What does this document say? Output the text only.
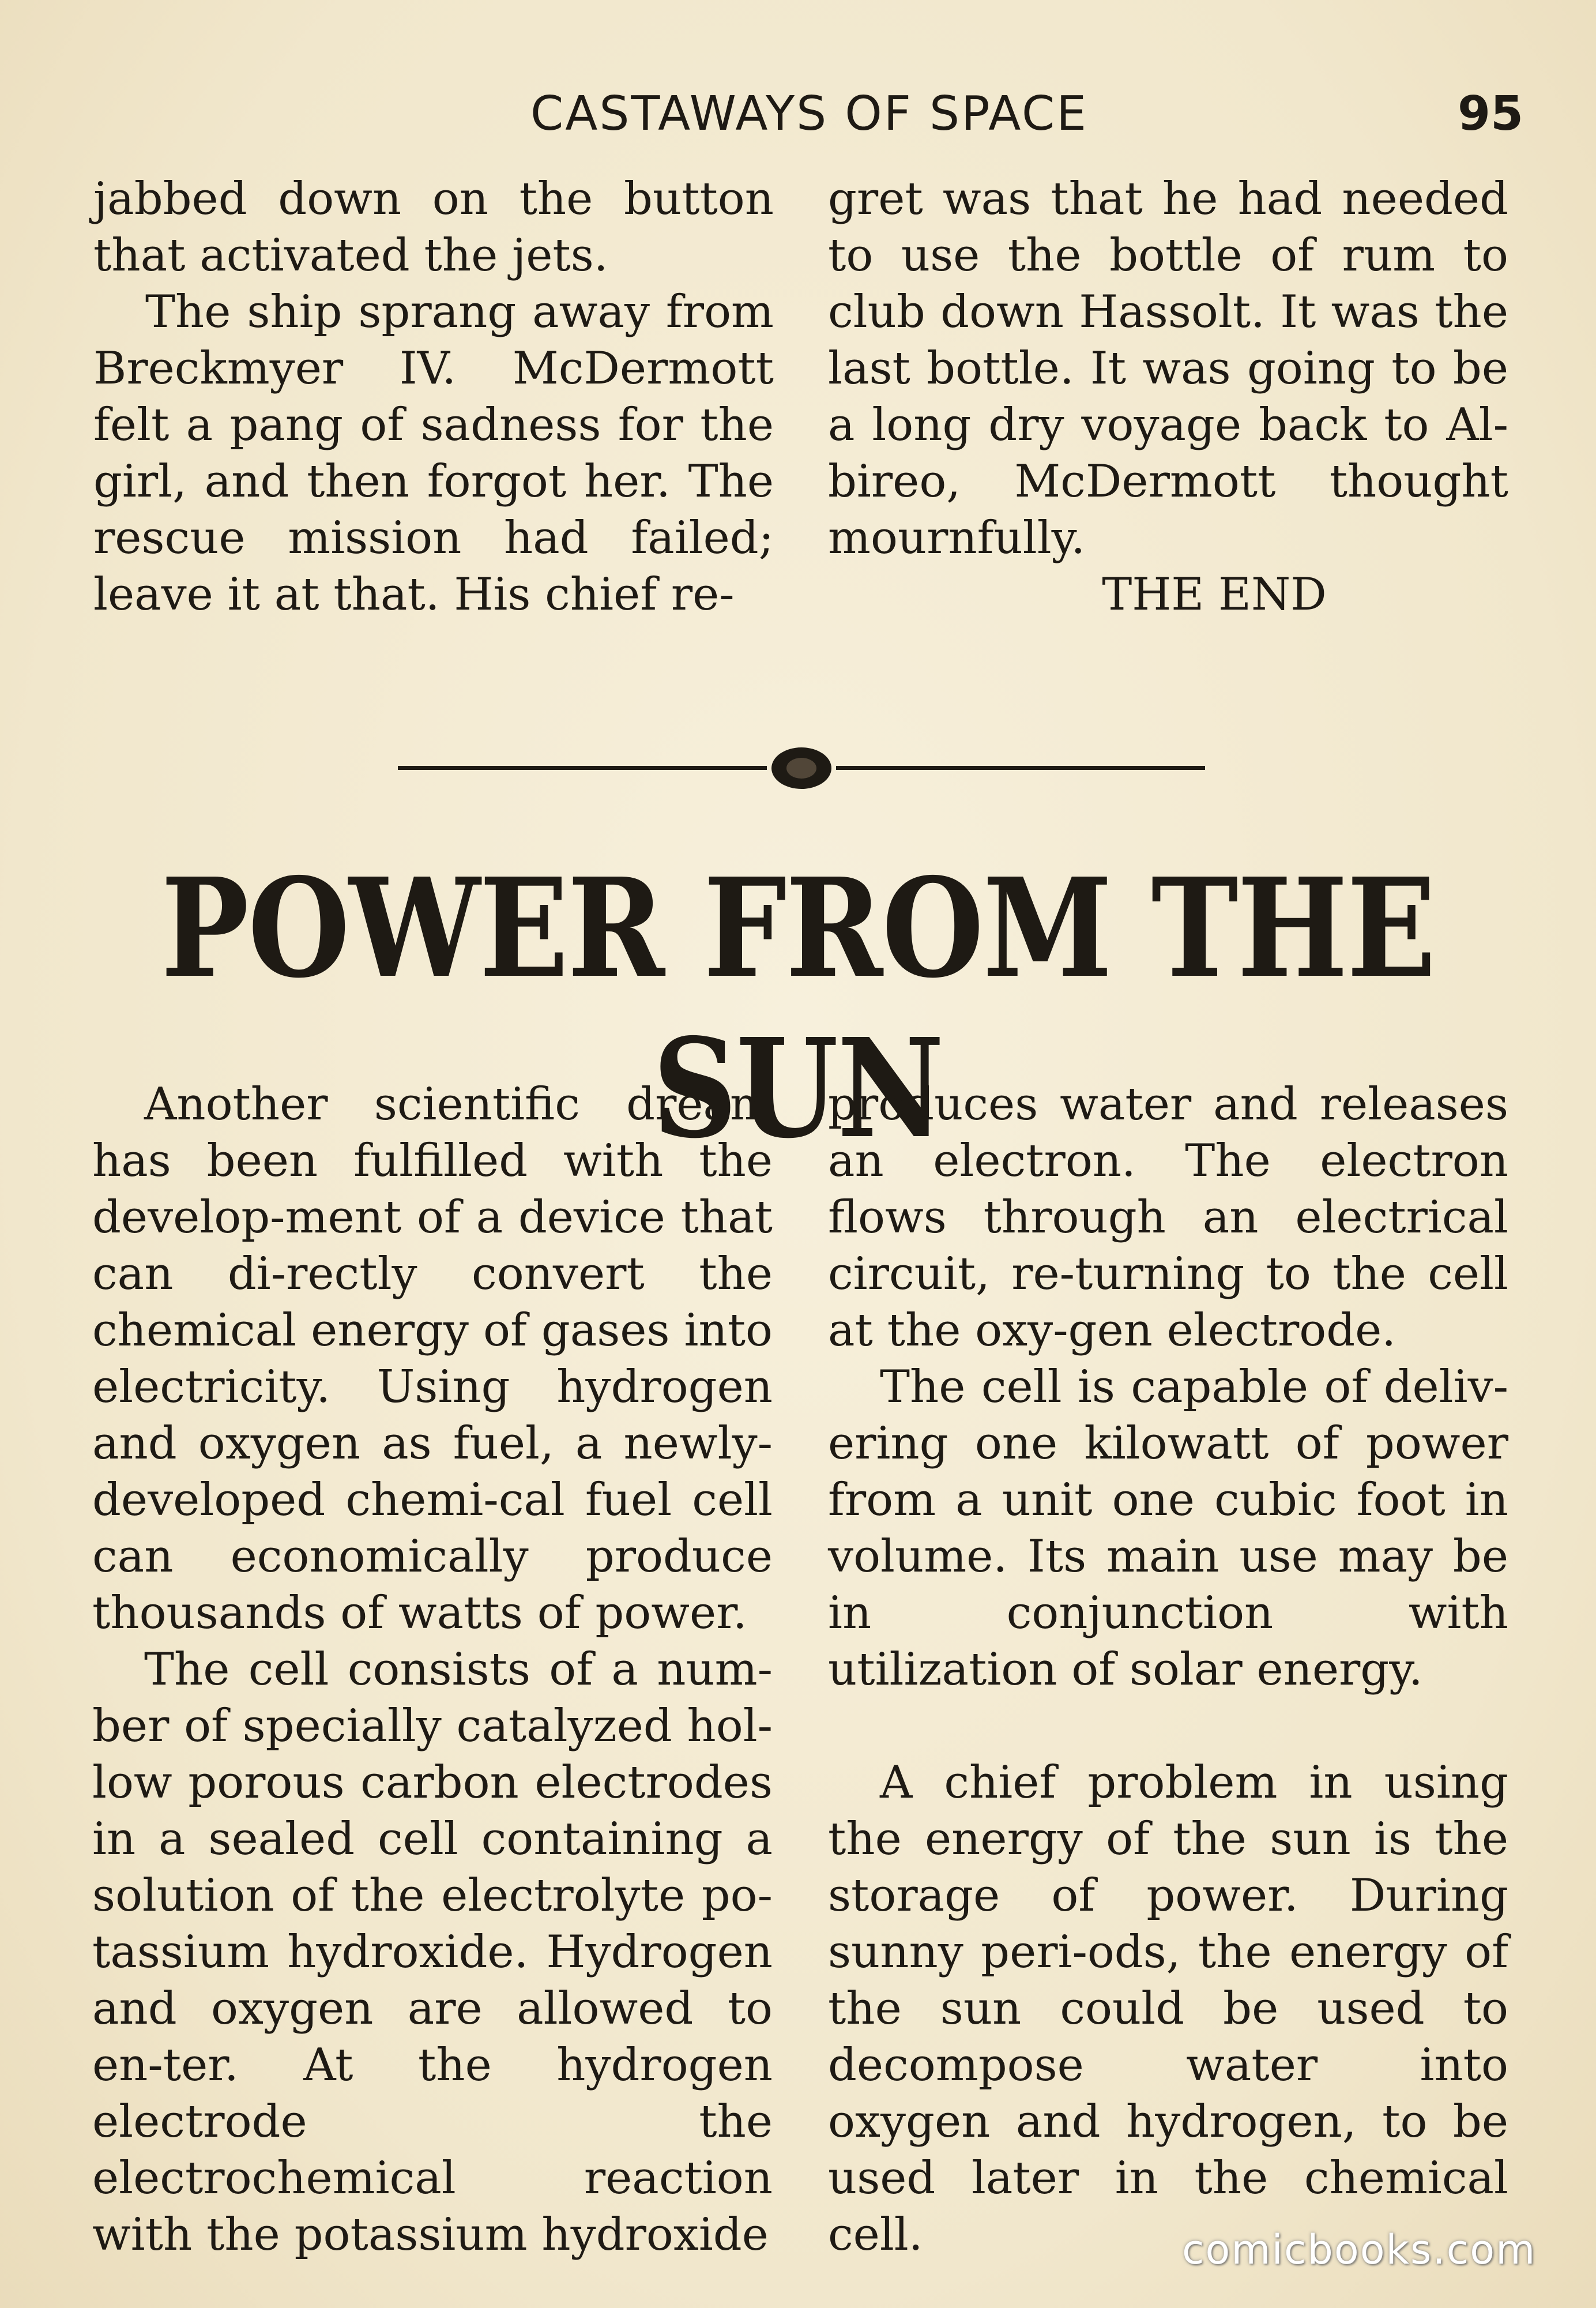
CASTAWAYS OF SPACE	95

jabbed down on the button that activated the jets.

The ship sprang away from Breckmyer IV. McDermott felt a pang of sadness for the girl, and then forgot her. The rescue mission had failed; leave it at that. His chief re-

gret was that he had needed to use the bottle of rum to club down Hassolt. It was the last bottle. It was going to be a long dry voyage back to Al-bireo, McDermott thought mournfully.

THE END

POWER FROM THE SUN

Another scientific dream has been fulfilled with the develop-ment of a device that can di-rectly convert the chemical energy of gases into electricity. Using hydrogen and oxygen as fuel, a newly-developed chemi-cal fuel cell can economically produce thousands of watts of power.

The cell consists of a num-ber of specially catalyzed hol-low porous carbon electrodes in a sealed cell containing a solution of the electrolyte po-tassium hydroxide. Hydrogen and oxygen are allowed to en-ter. At the hydrogen electrode the electrochemical reaction with the potassium hydroxide

produces water and releases an electron. The electron flows through an electrical circuit, re-turning to the cell at the oxy-gen electrode.

The cell is capable of deliv-ering one kilowatt of power from a unit one cubic foot in volume. Its main use may be in conjunction with utilization of solar energy.

A chief problem in using the energy of the sun is the storage of power. During sunny peri-ods, the energy of the sun could be used to decompose water into oxygen and hydrogen, to be used later in the chemical cell.	comicbooks.com
